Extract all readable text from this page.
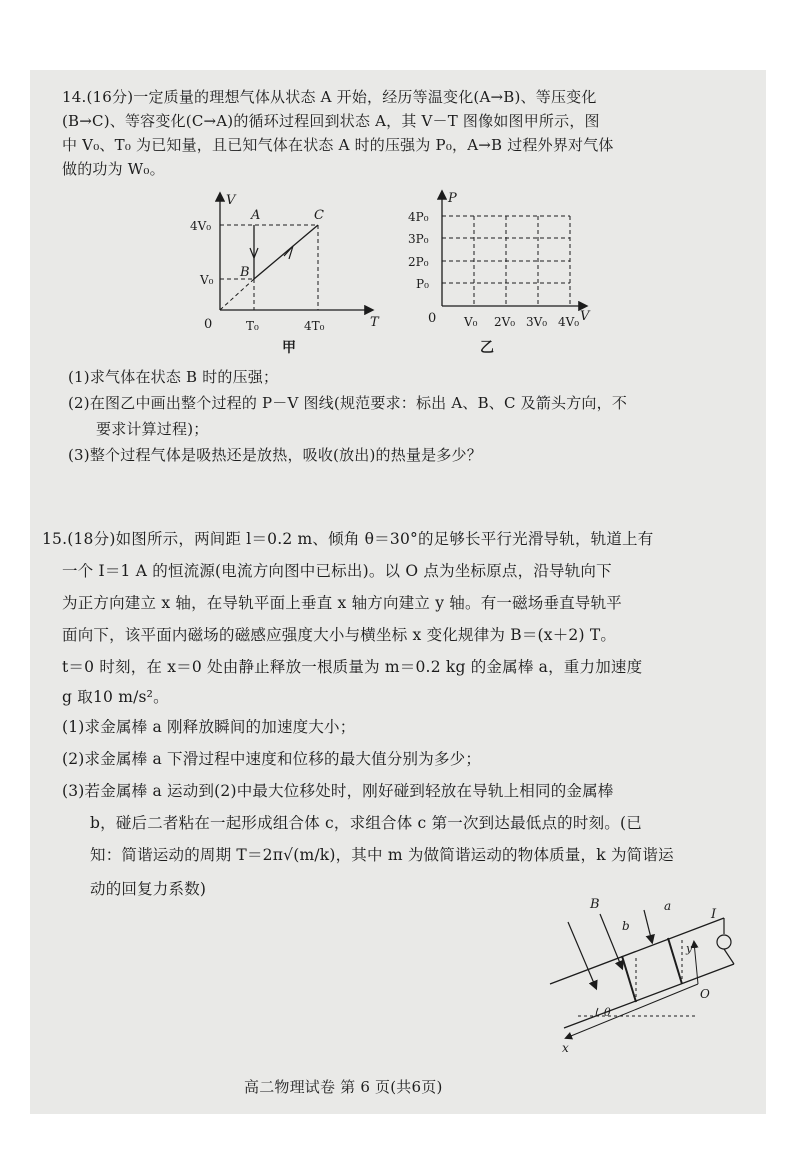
14.(16分)一定质量的理想气体从状态 A 开始，经历等温变化(A→B)、等压变化
(B→C)、等容变化(C→A)的循环过程回到状态 A，其 V－T 图像如图甲所示，图
中 V₀、T₀ 为已知量，且已知气体在状态 A 时的压强为 P₀，A→B 过程外界对气体
做的功为 W₀。
V
T
0
4V₀
V₀
T₀	4T₀
A
B
C
甲
P
V
0
4P₀
3P₀
2P₀
P₀
V₀ 2V₀ 3V₀ 4V₀
乙
(1)求气体在状态 B 时的压强；
(2)在图乙中画出整个过程的 P－V 图线(规范要求：标出 A、B、C 及箭头方向，不
要求计算过程)；
(3)整个过程气体是吸热还是放热，吸收(放出)的热量是多少？
15.(18分)如图所示，两间距 l＝0.2 m、倾角 θ＝30°的足够长平行光滑导轨，轨道上有
一个 I＝1 A 的恒流源(电流方向图中已标出)。以 O 点为坐标原点，沿导轨向下
为正方向建立 x 轴，在导轨平面上垂直 x 轴方向建立 y 轴。有一磁场垂直导轨平
面向下，该平面内磁场的磁感应强度大小与横坐标 x 变化规律为 B＝(x＋2) T。
t＝0 时刻，在 x＝0 处由静止释放一根质量为 m＝0.2 kg 的金属棒 a，重力加速度
g 取10 m/s²。
(1)求金属棒 a 刚释放瞬间的加速度大小；
(2)求金属棒 a 下滑过程中速度和位移的最大值分别为多少；
(3)若金属棒 a 运动到(2)中最大位移处时，刚好碰到轻放在导轨上相同的金属棒
b，碰后二者粘在一起形成组合体 c，求组合体 c 第一次到达最低点的时刻。(已
知：简谐运动的周期 T＝2π√(m/k)，其中 m 为做简谐运动的物体质量，k 为简谐运
动的回复力系数)
B
b
a
I
y
O
θ
x
高二物理试卷 第 6 页(共6页)
